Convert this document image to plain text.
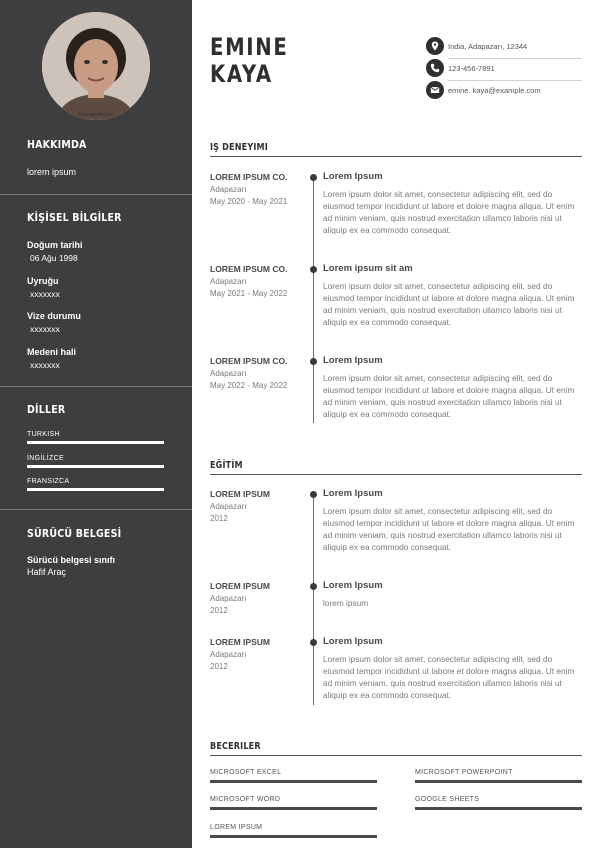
Kva-sentiacl-le
HAKKIMDA
lorem ipsum
KİŞİSEL BİLGİLER
Doğum tarihi
06 Ağu 1998
Uyruğu
xxxxxxx
Vize durumu
xxxxxxx
Medeni hali
xxxxxxx
DİLLER
TURKISH
İNGİLİZCE
FRANSIZCA
SÜRÜCÜ BELGESİ
Sürücü belgesi sınıfı
Hafif Araç
EMINE
KAYA
India, Adapazarı, 12344
123-456-7891
emine. kaya@example.com
İŞ DENEYİMİ
LOREM IPSUM CO.
Adapazarı
May 2020 - May 2021
Lorem Ipsum
Lorem ipsum dolor sit amet, consectetur adipiscing elit, sed do eiusmod tempor incididunt ut labore et dolore magna aliqua. Ut enim ad minim veniam, quis nostrud exercitation ullamco laboris nisi ut aliquip ex ea commodo consequat.
LOREM IPSUM CO.
Adapazarı
May 2021 - May 2022
Lorem ipsum sit am
Lorem ipsum dolor sit amet, consectetur adipiscing elit, sed do eiusmod tempor incididunt ut labore et dolore magna aliqua. Ut enim ad minim veniam, quis nostrud exercitation ullamco laboris nisi ut aliquip ex ea commodo consequat.
LOREM IPSUM CO.
Adapazarı
May 2022 - May 2022
Lorem Ipsum
Lorem ipsum dolor sit amet, consectetur adipiscing elit, sed do eiusmod tempor incididunt ut labore et dolore magna aliqua. Ut enim ad minim veniam, quis nostrud exercitation ullamco laboris nisi ut aliquip ex ea commodo consequat.
EĞİTİM
LOREM IPSUM
Adapazarı
2012
Lorem Ipsum
Lorem ipsum dolor sit amet, consectetur adipiscing elit, sed do eiusmod tempor incididunt ut labore et dolore magna aliqua. Ut enim ad minim veniam, quis nostrud exercitation ullamco laboris nisi ut aliquip ex ea commodo consequat.
LOREM IPSUM
Adapazarı
2012
Lorem Ipsum
lorem ipsum
LOREM IPSUM
Adapazarı
2012
Lorem Ipsum
Lorem ipsum dolor sit amet, consectetur adipiscing elit, sed do eiusmod tempor incididunt ut labore et dolore magna aliqua. Ut enim ad minim veniam, quis nostrud exercitation ullamco laboris nisi ut aliquip ex ea commodo consequat.
BECERİLER
MICROSOFT EXCEL	MICROSOFT POWERPOINT
MICROSOFT WORD	GOOGLE SHEETS
LOREM IPSUM
